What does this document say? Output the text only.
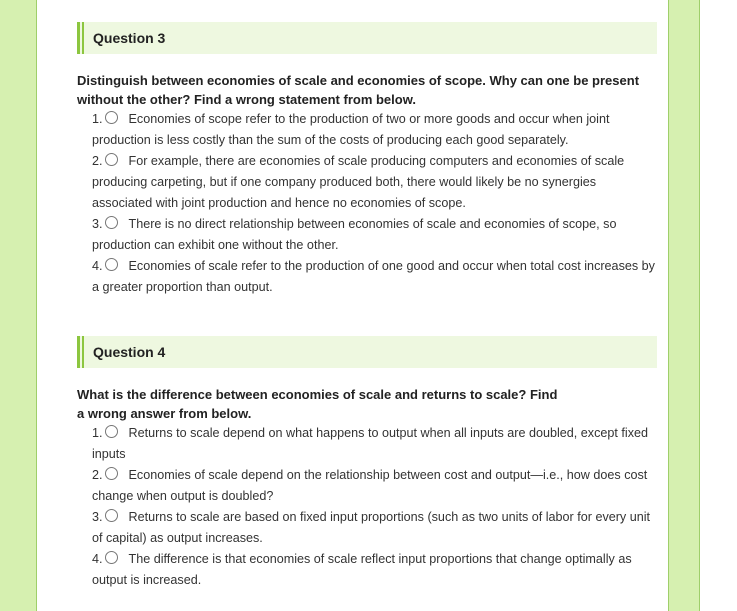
Question 3
Distinguish between economies of scale and economies of scope. Why can one be present without the other? Find a wrong statement from below.
1. Economies of scope refer to the production of two or more goods and occur when joint production is less costly than the sum of the costs of producing each good separately.
2. For example, there are economies of scale producing computers and economies of scale producing carpeting, but if one company produced both, there would likely be no synergies associated with joint production and hence no economies of scope.
3. There is no direct relationship between economies of scale and economies of scope, so production can exhibit one without the other.
4. Economies of scale refer to the production of one good and occur when total cost increases by a greater proportion than output.
Question 4
What is the difference between economies of scale and returns to scale? Find
a wrong answer from below.
1. Returns to scale depend on what happens to output when all inputs are doubled, except fixed inputs
2. Economies of scale depend on the relationship between cost and output—i.e., how does cost change when output is doubled?
3. Returns to scale are based on fixed input proportions (such as two units of labor for every unit of capital) as output increases.
4. The difference is that economies of scale reflect input proportions that change optimally as output is increased.
